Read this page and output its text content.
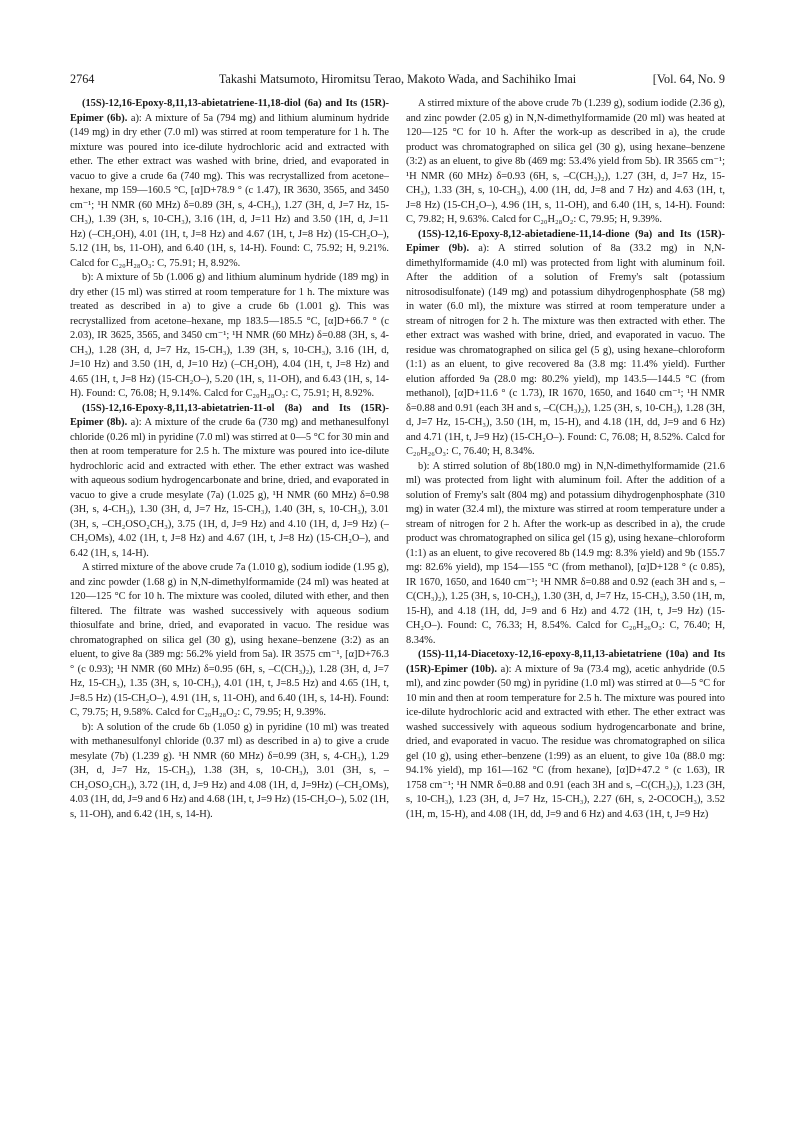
2764	Takashi Matsumoto, Hiromitsu Terao, Makoto Wada, and Sachihiko Imai	[Vol. 64, No. 9

(15S)-12,16-Epoxy-8,11,13-abietatriene-11,18-diol (6a) and Its (15R)-Epimer (6b). a): A mixture of 5a (794 mg) and lithium aluminum hydride (149 mg) in dry ether (7.0 ml) was stirred at room temperature for 1 h. The mixture was poured into ice-dilute hydrochloric acid and extracted with ether. The ether extract was washed with brine, dried, and evaporated in vacuo to give a crude 6a (740 mg). This was recrystallized from acetone–hexane, mp 159—160.5 °C, [α]D+78.9 ° (c 1.47), IR 3630, 3565, and 3450 cm⁻¹; ¹H NMR (60 MHz) δ=0.89 (3H, s, 4-CH₃), 1.27 (3H, d, J=7 Hz, 15-CH₃), 1.39 (3H, s, 10-CH₃), 3.16 (1H, d, J=11 Hz) and 3.50 (1H, d, J=11 Hz) (–CH₂OH), 4.01 (1H, t, J=8 Hz) and 4.67 (1H, t, J=8 Hz) (15-CH₂O–), 5.12 (1H, bs, 11-OH), and 6.40 (1H, s, 14-H). Found: C, 75.92; H, 9.21%. Calcd for C₂₀H₂₈O₃: C, 75.91; H, 8.92%.

b): A mixture of 5b (1.006 g) and lithium aluminum hydride (189 mg) in dry ether (15 ml) was stirred at room temperature for 1 h. The mixture was treated as described in a) to give a crude 6b (1.001 g). This was recrystallized from acetone–hexane, mp 183.5—185.5 °C, [α]D+66.7 ° (c 2.03), IR 3625, 3565, and 3450 cm⁻¹; ¹H NMR (60 MHz) δ=0.88 (3H, s, 4-CH₃), 1.28 (3H, d, J=7 Hz, 15-CH₃), 1.39 (3H, s, 10-CH₃), 3.16 (1H, d, J=10 Hz) and 3.50 (1H, d, J=10 Hz) (–CH₂OH), 4.04 (1H, t, J=8 Hz) and 4.65 (1H, t, J=8 Hz) (15-CH₂O–), 5.20 (1H, s, 11-OH), and 6.43 (1H, s, 14-H). Found: C, 76.08; H, 9.14%. Calcd for C₂₀H₂₈O₃: C, 75.91; H, 8.92%.

(15S)-12,16-Epoxy-8,11,13-abietatrien-11-ol (8a) and Its (15R)-Epimer (8b). a): A mixture of the crude 6a (730 mg) and methanesulfonyl chloride (0.26 ml) in pyridine (7.0 ml) was stirred at 0—5 °C for 30 min and then at room temperature for 2.5 h. The mixture was poured into ice-dilute hydrochloric acid and extracted with ether. The ether extract was washed with aqueous sodium hydrogencarbonate and brine, dried, and evaporated in vacuo to give a crude mesylate (7a) (1.025 g), ¹H NMR (60 MHz) δ=0.98 (3H, s, 4-CH₃), 1.30 (3H, d, J=7 Hz, 15-CH₃), 1.40 (3H, s, 10-CH₃), 3.01 (3H, s, –CH₂OSO₂CH₃), 3.75 (1H, d, J=9 Hz) and 4.10 (1H, d, J=9 Hz) (–CH₂OMs), 4.02 (1H, t, J=8 Hz) and 4.67 (1H, t, J=8 Hz) (15-CH₂O–), and 6.42 (1H, s, 14-H).

A stirred mixture of the above crude 7a (1.010 g), sodium iodide (1.95 g), and zinc powder (1.68 g) in N,N-dimethylformamide (24 ml) was heated at 120—125 °C for 10 h. The mixture was cooled, diluted with ether, and then filtered. The filtrate was washed successively with aqueous sodium thiosulfate and brine, dried, and evaporated in vacuo. The residue was chromatographed on silica gel (30 g), using hexane–benzene (3:2) as an eluent, to give 8a (389 mg: 56.2% yield from 5a). IR 3575 cm⁻¹, [α]D+76.3 ° (c 0.93); ¹H NMR (60 MHz) δ=0.95 (6H, s, –C(CH₃)₂), 1.28 (3H, d, J=7 Hz, 15-CH₃), 1.35 (3H, s, 10-CH₃), 4.01 (1H, t, J=8.5 Hz) and 4.65 (1H, t, J=8.5 Hz) (15-CH₂O–), 4.91 (1H, s, 11-OH), and 6.40 (1H, s, 14-H). Found: C, 79.75; H, 9.58%. Calcd for C₂₀H₂₈O₂: C, 79.95; H, 9.39%.

b): A solution of the crude 6b (1.050 g) in pyridine (10 ml) was treated with methanesulfonyl chloride (0.37 ml) as described in a) to give a crude mesylate (7b) (1.239 g). ¹H NMR (60 MHz) δ=0.99 (3H, s, 4-CH₃), 1.29 (3H, d, J=7 Hz, 15-CH₃), 1.38 (3H, s, 10-CH₃), 3.01 (3H, s, –CH₂OSO₂CH₃), 3.72 (1H, d, J=9 Hz) and 4.08 (1H, d, J=9Hz) (–CH₂OMs), 4.03 (1H, dd, J=9 and 6 Hz) and 4.68 (1H, t, J=9 Hz) (15-CH₂O–), 5.02 (1H, s, 11-OH), and 6.42 (1H, s, 14-H).

A stirred mixture of the above crude 7b (1.239 g), sodium iodide (2.36 g), and zinc powder (2.05 g) in N,N-dimethylformamide (20 ml) was heated at 120—125 °C for 10 h. After the work-up as described in a), the crude product was chromatographed on silica gel (30 g), using hexane–benzene (3:2) as an eluent, to give 8b (469 mg: 53.4% yield from 5b). IR 3565 cm⁻¹; ¹H NMR (60 MHz) δ=0.93 (6H, s, –C(CH₃)₂), 1.27 (3H, d, J=7 Hz, 15-CH₃), 1.33 (3H, s, 10-CH₃), 4.00 (1H, dd, J=8 and 7 Hz) and 4.63 (1H, t, J=8 Hz) (15-CH₂O–), 4.96 (1H, s, 11-OH), and 6.40 (1H, s, 14-H). Found: C, 79.82; H, 9.63%. Calcd for C₂₀H₂₈O₂: C, 79.95; H, 9.39%.

(15S)-12,16-Epoxy-8,12-abietadiene-11,14-dione (9a) and Its (15R)-Epimer (9b). a): A stirred solution of 8a (33.2 mg) in N,N-dimethylformamide (4.0 ml) was protected from light with aluminum foil. After the addition of a solution of Fremy's salt (potassium nitrosodisulfonate) (149 mg) and potassium dihydrogenphosphate (58 mg) in water (6.0 ml), the mixture was stirred at room temperature under a stream of nitrogen for 2 h. The mixture was then extracted with ether. The ether extract was washed with brine, dried, and evaporated in vacuo. The residue was chromatographed on silica gel (5 g), using hexane–chloroform (1:1) as an eluent, to give recovered 8a (3.8 mg: 11.4% yield). Further elution afforded 9a (28.0 mg: 80.2% yield), mp 143.5—144.5 °C (from methanol), [α]D+11.6 ° (c 1.73), IR 1670, 1650, and 1640 cm⁻¹; ¹H NMR δ=0.88 and 0.91 (each 3H and s, –C(CH₃)₂), 1.25 (3H, s, 10-CH₃), 1.28 (3H, d, J=7 Hz, 15-CH₃), 3.50 (1H, m, 15-H), and 4.18 (1H, dd, J=9 and 6 Hz) and 4.71 (1H, t, J=9 Hz) (15-CH₂O–). Found: C, 76.08; H, 8.52%. Calcd for C₂₀H₂₆O₃: C, 76.40; H, 8.34%.

b): A stirred solution of 8b(180.0 mg) in N,N-dimethylformamide (21.6 ml) was protected from light with aluminum foil. After the addition of a solution of Fremy's salt (804 mg) and potassium dihydrogenphosphate (310 mg) in water (32.4 ml), the mixture was stirred at room temperature under a stream of nitrogen for 2 h. After the work-up as described in a), the crude product was chromatographed on silica gel (15 g), using hexane–chloroform (1:1) as an eluent, to give recovered 8b (14.9 mg: 8.3% yield) and 9b (155.7 mg: 82.6% yield), mp 154—155 °C (from methanol), [α]D+128 ° (c 0.85), IR 1670, 1650, and 1640 cm⁻¹; ¹H NMR δ=0.88 and 0.92 (each 3H and s, –C(CH₃)₂), 1.25 (3H, s, 10-CH₃), 1.30 (3H, d, J=7 Hz, 15-CH₃), 3.50 (1H, m, 15-H), and 4.18 (1H, dd, J=9 and 6 Hz) and 4.72 (1H, t, J=9 Hz) (15-CH₂O–). Found: C, 76.33; H, 8.54%. Calcd for C₂₀H₂₆O₃: C, 76.40; H, 8.34%.

(15S)-11,14-Diacetoxy-12,16-epoxy-8,11,13-abietatriene (10a) and Its (15R)-Epimer (10b). a): A mixture of 9a (73.4 mg), acetic anhydride (0.5 ml), and zinc powder (50 mg) in pyridine (1.0 ml) was stirred at 0—5 °C for 10 min and then at room temperature for 2.5 h. The mixture was poured into ice-dilute hydrochloric acid and extracted with ether. The ether extract was washed successively with aqueous sodium hydrogencarbonate and brine, dried, and evaporated in vacuo. The residue was chromatographed on silica gel (10 g), using ether–benzene (1:99) as an eluent, to give 10a (88.0 mg: 94.1% yield), mp 161—162 °C (from hexane), [α]D+47.2 ° (c 1.63), IR 1758 cm⁻¹; ¹H NMR δ=0.88 and 0.91 (each 3H and s, –C(CH₃)₂), 1.23 (3H, s, 10-CH₃), 1.23 (3H, d, J=7 Hz, 15-CH₃), 2.27 (6H, s, 2-OCOCH₃), 3.52 (1H, m, 15-H), and 4.08 (1H, dd, J=9 and 6 Hz) and 4.63 (1H, t, J=9 Hz)
